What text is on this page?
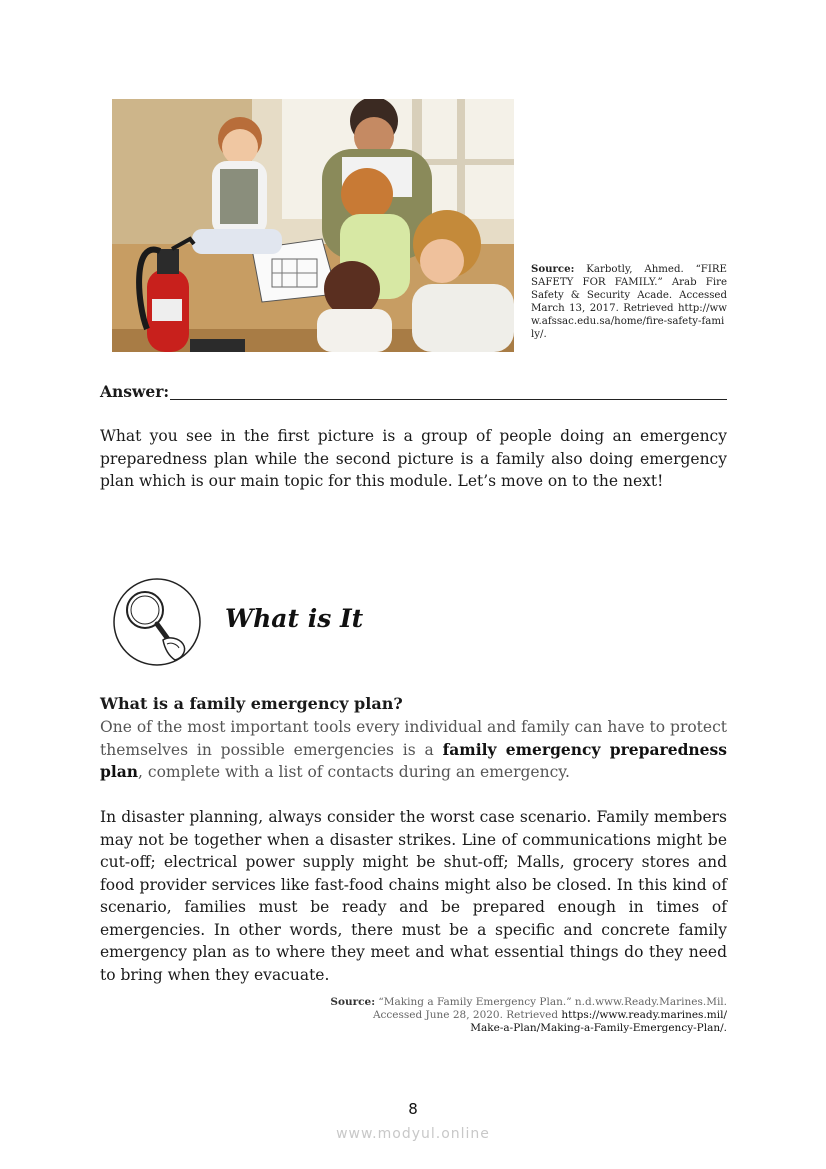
Source: Karbotly, Ahmed. “FIRE SAFETY FOR FAMILY.” Arab Fire Safety & Security Acade. Accessed March 13, 2017. Retrieved http://www.afssac.edu.sa/home/fire-safety-family/.
Answer:
What you see in the first picture is a group of people doing an emergency preparedness plan while the second picture is a family also doing emergency plan which is our main topic for this module. Let’s move on to the next!
What is It
What is a family emergency plan?
One of the most important tools every individual and family can have to protect themselves in possible emergencies is a family emergency preparedness plan, complete with a list of contacts during an emergency.
In disaster planning, always consider the worst case scenario. Family members may not be together when a disaster strikes. Line of communications might be cut-off; electrical power supply might be shut-off; Malls, grocery stores and food provider services like fast-food chains might also be closed. In this kind of scenario, families must be ready and be prepared enough in times of emergencies. In other words, there must be a specific and concrete family emergency plan as to where they meet and what essential things do they need to bring when they evacuate.
Source: “Making a Family Emergency Plan.” n.d.www.Ready.Marines.Mil. Accessed June 28, 2020. Retrieved https://www.ready.marines.mil/
Make-a-Plan/Making-a-Family-Emergency-Plan/.
8
www.modyul.online
